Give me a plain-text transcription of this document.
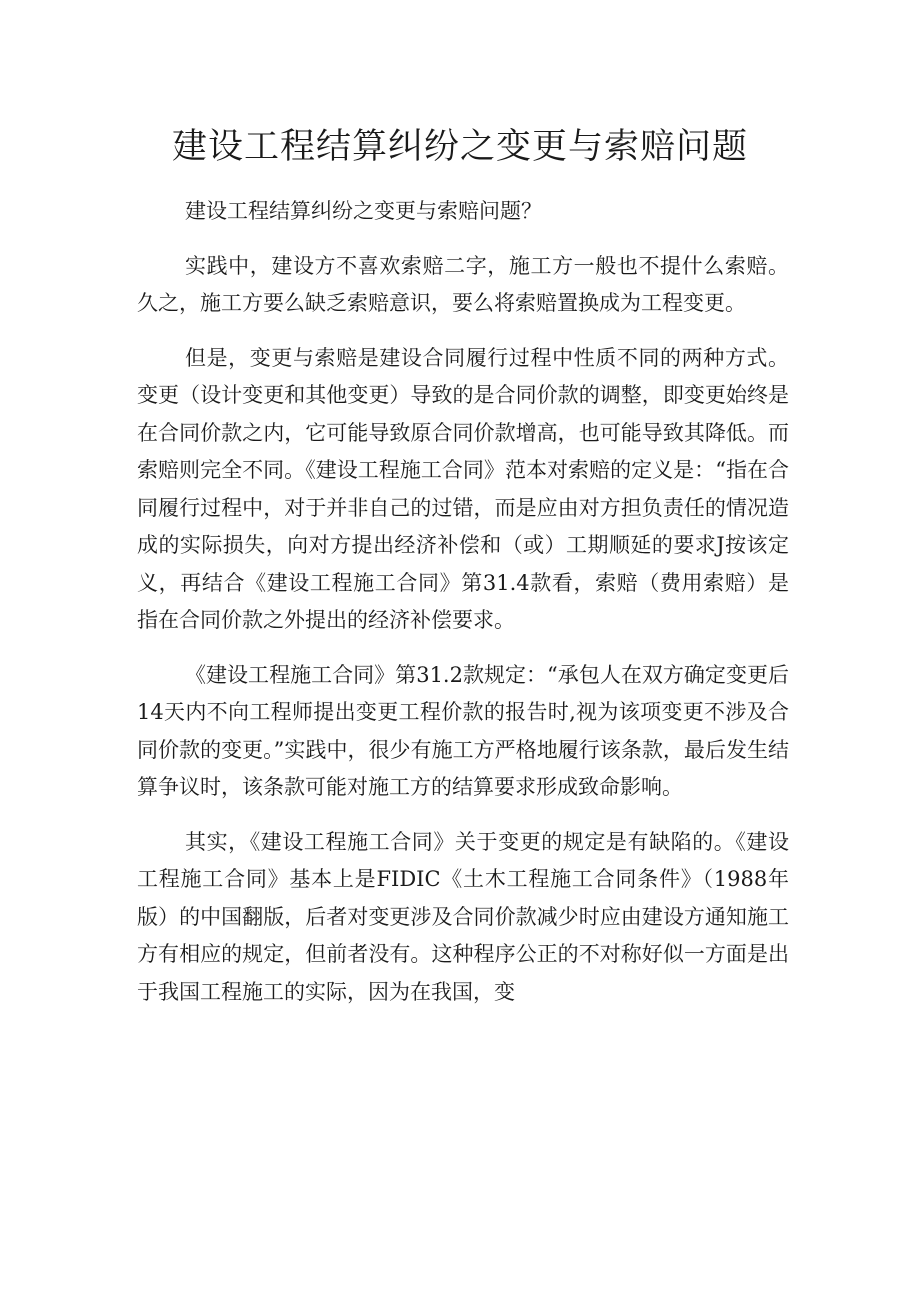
建设工程结算纠纷之变更与索赔问题

建设工程结算纠纷之变更与索赔问题？

实践中，建设方不喜欢索赔二字，施工方一般也不提什么索赔。久之，施工方要么缺乏索赔意识，要么将索赔置换成为工程变更。

但是，变更与索赔是建设合同履行过程中性质不同的两种方式。变更（设计变更和其他变更）导致的是合同价款的调整，即变更始终是在合同价款之内，它可能导致原合同价款增高，也可能导致其降低。而索赔则完全不同。《建设工程施工合同》范本对索赔的定义是：“指在合同履行过程中，对于并非自己的过错，而是应由对方担负责任的情况造成的实际损失，向对方提出经济补偿和（或）工期顺延的要求J按该定义，再结合《建设工程施工合同》第31.4款看，索赔（费用索赔）是指在合同价款之外提出的经济补偿要求。

《建设工程施工合同》第31.2款规定：“承包人在双方确定变更后14天内不向工程师提出变更工程价款的报告时,视为该项变更不涉及合同价款的变更。”实践中，很少有施工方严格地履行该条款，最后发生结算争议时，该条款可能对施工方的结算要求形成致命影响。

其实，《建设工程施工合同》关于变更的规定是有缺陷的。《建设工程施工合同》基本上是FIDIC《土木工程施工合同条件》（1988年版）的中国翻版，后者对变更涉及合同价款减少时应由建设方通知施工方有相应的规定，但前者没有。这种程序公正的不对称好似一方面是出于我国工程施工的实际，因为在我国，变
